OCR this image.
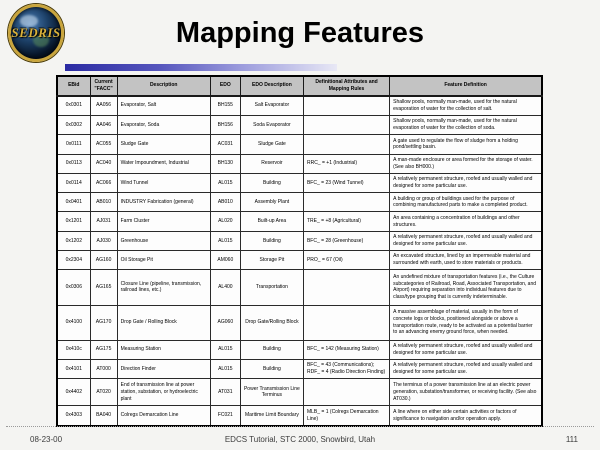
SEDRIS	Mapping Features
EBid	Current "FACC"	Description	EDO	EDO Description	Definitional Attributes and Mapping Rules	Feature Definition
0x0301	AA056	Evaporator, Salt	BH155	Salt Evaporator		Shallow pools, normally man-made, used for the natural evaporation of water for the collection of salt.
0x0302	AA046	Evaporator, Soda	BH156	Soda Evaporator		Shallow pools, normally man-made, used for the natural evaporation of water for the collection of soda.
0x0111	AC055	Sludge Gate	AC031	Sludge Gate		A gate used to regulate the flow of sludge from a holding pond/settling basin.
0x0113	AC040	Water Impoundment, Industrial	BH130	Reservoir	RRC_ = +1 (Industrial)	A man-made enclosure or area formed for the storage of water. (See also BH000.)
0x0114	AC066	Wind Tunnel	AL015	Building	BFC_ = 23 (Wind Tunnel)	A relatively permanent structure, roofed and usually walled and designed for some particular use.
0x0401	AB010	INDUSTRY Fabrication (general)	AB010	Assembly Plant		A building or group of buildings used for the purpose of combining manufactured parts to make a completed product.
0x1201	AJ031	Farm Cluster	AL020	Built-up Area	TRE_ = +8 (Agricultural)	An area containing a concentration of buildings and other structures.
0x1202	AJ030	Greenhouse	AL015	Building	BFC_ = 28 (Greenhouse)	A relatively permanent structure, roofed and usually walled and designed for some particular use.
0x2304	AG160	Oil Storage Pit	AM060	Storage Pit	PRO_ = 67 (Oil)	An excavated structure, lined by an impermeable material and surrounded with earth, used to store materials or products.
0x0306	AG165	Closure Line (pipeline, transmission, railroad lines, etc.)	AL400	Transportation		An undefined mixture of transportation features (i.e., the Culture subcategories of Railroad, Road, Associated Transportation, and Airport) requiring separation into individual features due to class/type grouping that is currently indeterminable.
0x4100	AG170	Drop Gate / Rolling Block	AG060	Drop Gate/Rolling Block		A massive assemblage of material, usually in the form of concrete logs or blocks, positioned alongside or above a transportation route, ready to be activated as a potential barrier to an advancing enemy ground force, when needed.
0x410c	AG175	Measuring Station	AL015	Building	BFC_ = 142 (Measuring Station)	A relatively permanent structure, roofed and usually walled and designed for some particular use.
0x4101	AT000	Direction Finder	AL015	Building	BFC_ = 43 (Communications); RDF_ = 4 (Radio Direction Finding)	A relatively permanent structure, roofed and usually walled and designed for some particular use.
0x4402	AT020	End of transmission line at power station, substation, or hydroelectric plant	AT031	Power Transmission Line Terminus		The terminus of a power transmission line at an electric power generation, substation/transformer, or receiving facility. (See also AT030.)
0x4303	BA040	Colregs Demarcation Line	FC021	Maritime Limit Boundary	MLB_ = 1 (Colregs Demarcation Line)	A line where on either side certain activities or factors of significance to navigation and/or operation apply.
08-23-00	EDCS Tutorial, STC 2000, Snowbird, Utah	111
